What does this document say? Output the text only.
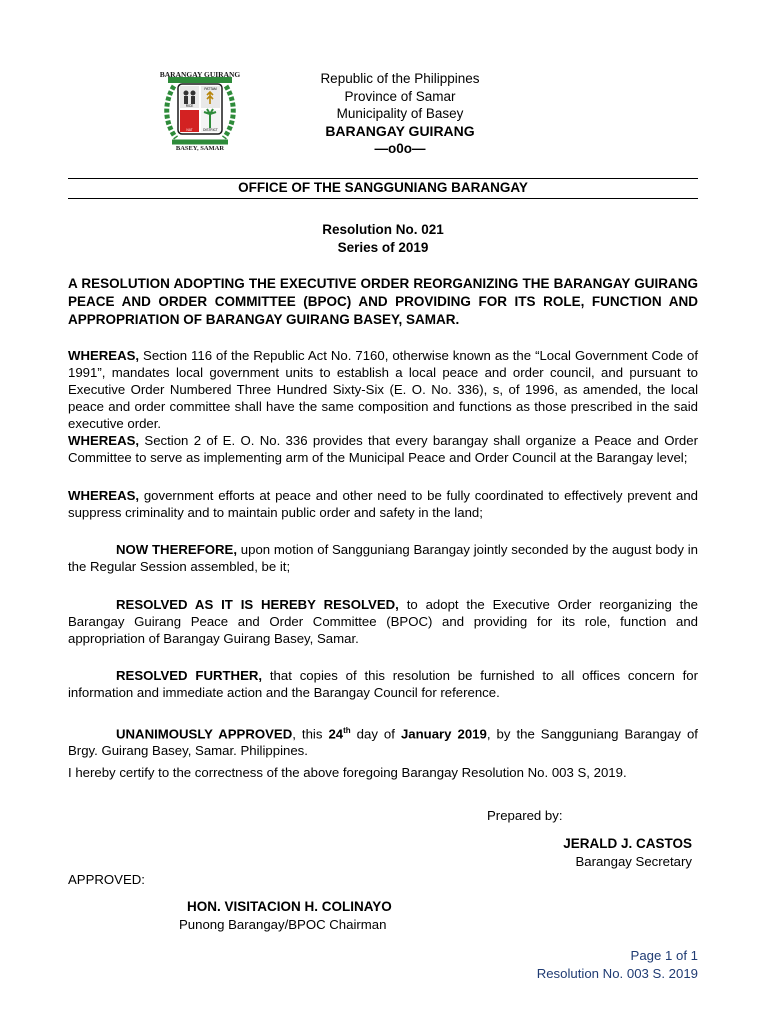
BARANGAY GUIRANG
BASEY, SAMAR
RICE
PATTAM
NAT	DISTRICT
Republic of the Philippines
Province of Samar
Municipality of Basey
BARANGAY GUIRANG
—o0o—
OFFICE OF THE SANGGUNIANG BARANGAY
Resolution No. 021
Series of 2019
A RESOLUTION ADOPTING THE EXECUTIVE ORDER REORGANIZING THE BARANGAY GUIRANG PEACE AND ORDER COMMITTEE (BPOC) AND PROVIDING FOR ITS ROLE, FUNCTION AND APPROPRIATION OF BARANGAY GUIRANG BASEY, SAMAR.
WHEREAS, Section 116 of the Republic Act No. 7160, otherwise known as the “Local Government Code of 1991”, mandates local government units to establish a local peace and order council, and pursuant to Executive Order Numbered Three Hundred Sixty-Six (E. O. No. 336), s, of 1996, as amended, the local peace and order committee shall have the same composition and functions as those prescribed in the said executive order.
WHEREAS, Section 2 of E. O. No. 336 provides that every barangay shall organize a Peace and Order Committee to serve as implementing arm of the Municipal Peace and Order Council at the Barangay level;
WHEREAS, government efforts at peace and other need to be fully coordinated to effectively prevent and suppress criminality and to maintain public order and safety in the land;
NOW THEREFORE, upon motion of Sangguniang Barangay jointly seconded by the august body in the Regular Session assembled, be it;
RESOLVED AS IT IS HEREBY RESOLVED, to adopt the Executive Order reorganizing the Barangay Guirang Peace and Order Committee (BPOC) and providing for its role, function and appropriation of Barangay Guirang Basey, Samar.
RESOLVED FURTHER, that copies of this resolution be furnished to all offices concern for information and immediate action and the Barangay Council for reference.
UNANIMOUSLY APPROVED, this 24th day of January 2019, by the Sangguniang Barangay of Brgy. Guirang Basey, Samar. Philippines.
I hereby certify to the correctness of the above foregoing Barangay Resolution No. 003 S, 2019.
Prepared by:
JERALD J. CASTOS
Barangay Secretary
APPROVED:
HON. VISITACION H. COLINAYO
Punong Barangay/BPOC Chairman
Page 1 of 1
Resolution No. 003 S. 2019
